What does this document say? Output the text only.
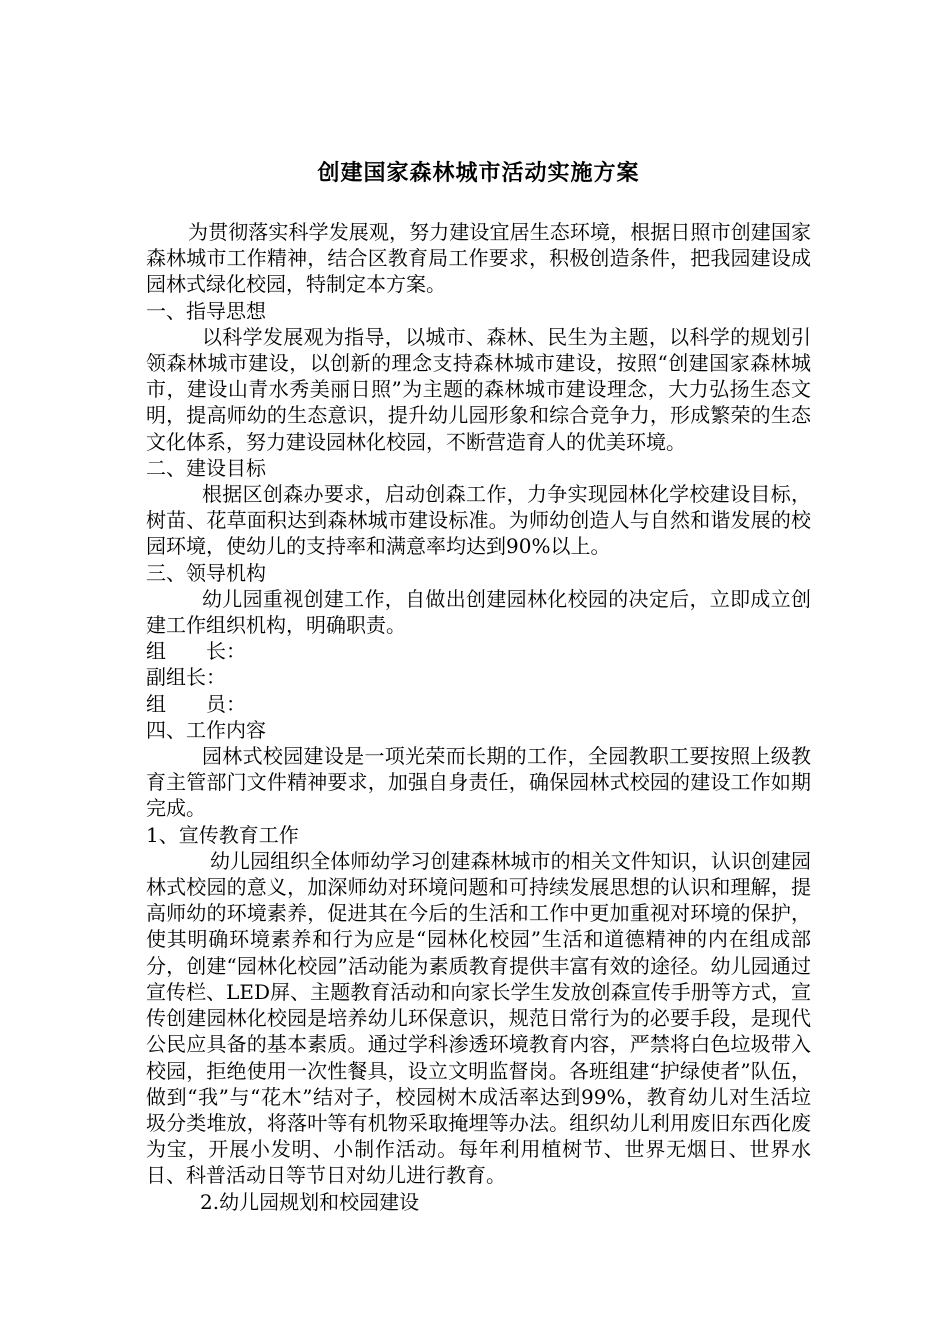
创建国家森林城市活动实施方案

为贯彻落实科学发展观，努力建设宜居生态环境，根据日照市创建国家森林城市工作精神，结合区教育局工作要求，积极创造条件，把我园建设成园林式绿化校园，特制定本方案。

一、指导思想

以科学发展观为指导，以城市、森林、民生为主题，以科学的规划引领森林城市建设，以创新的理念支持森林城市建设，按照“创建国家森林城市，建设山青水秀美丽日照”为主题的森林城市建设理念，大力弘扬生态文明，提高师幼的生态意识，提升幼儿园形象和综合竞争力，形成繁荣的生态文化体系，努力建设园林化校园，不断营造育人的优美环境。

二、建设目标

根据区创森办要求，启动创森工作，力争实现园林化学校建设目标，树苗、花草面积达到森林城市建设标准。为师幼创造人与自然和谐发展的校园环境，使幼儿的支持率和满意率均达到90%以上。

三、领导机构

幼儿园重视创建工作，自做出创建园林化校园的决定后，立即成立创建工作组织机构，明确职责。

组　　长：

副组长：

组　　员：

四、工作内容

园林式校园建设是一项光荣而长期的工作，全园教职工要按照上级教育主管部门文件精神要求，加强自身责任，确保园林式校园的建设工作如期完成。

1、宣传教育工作

幼儿园组织全体师幼学习创建森林城市的相关文件知识，认识创建园林式校园的意义，加深师幼对环境问题和可持续发展思想的认识和理解，提高师幼的环境素养，促进其在今后的生活和工作中更加重视对环境的保护，使其明确环境素养和行为应是“园林化校园”生活和道德精神的内在组成部分，创建“园林化校园”活动能为素质教育提供丰富有效的途径。幼儿园通过宣传栏、LED屏、主题教育活动和向家长学生发放创森宣传手册等方式，宣传创建园林化校园是培养幼儿环保意识，规范日常行为的必要手段，是现代公民应具备的基本素质。通过学科渗透环境教育内容，严禁将白色垃圾带入校园，拒绝使用一次性餐具，设立文明监督岗。各班组建“护绿使者”队伍，做到“我”与“花木”结对子，校园树木成活率达到99%，教育幼儿对生活垃圾分类堆放，将落叶等有机物采取掩埋等办法。组织幼儿利用废旧东西化废为宝，开展小发明、小制作活动。每年利用植树节、世界无烟日、世界水日、科普活动日等节日对幼儿进行教育。

2.幼儿园规划和校园建设
